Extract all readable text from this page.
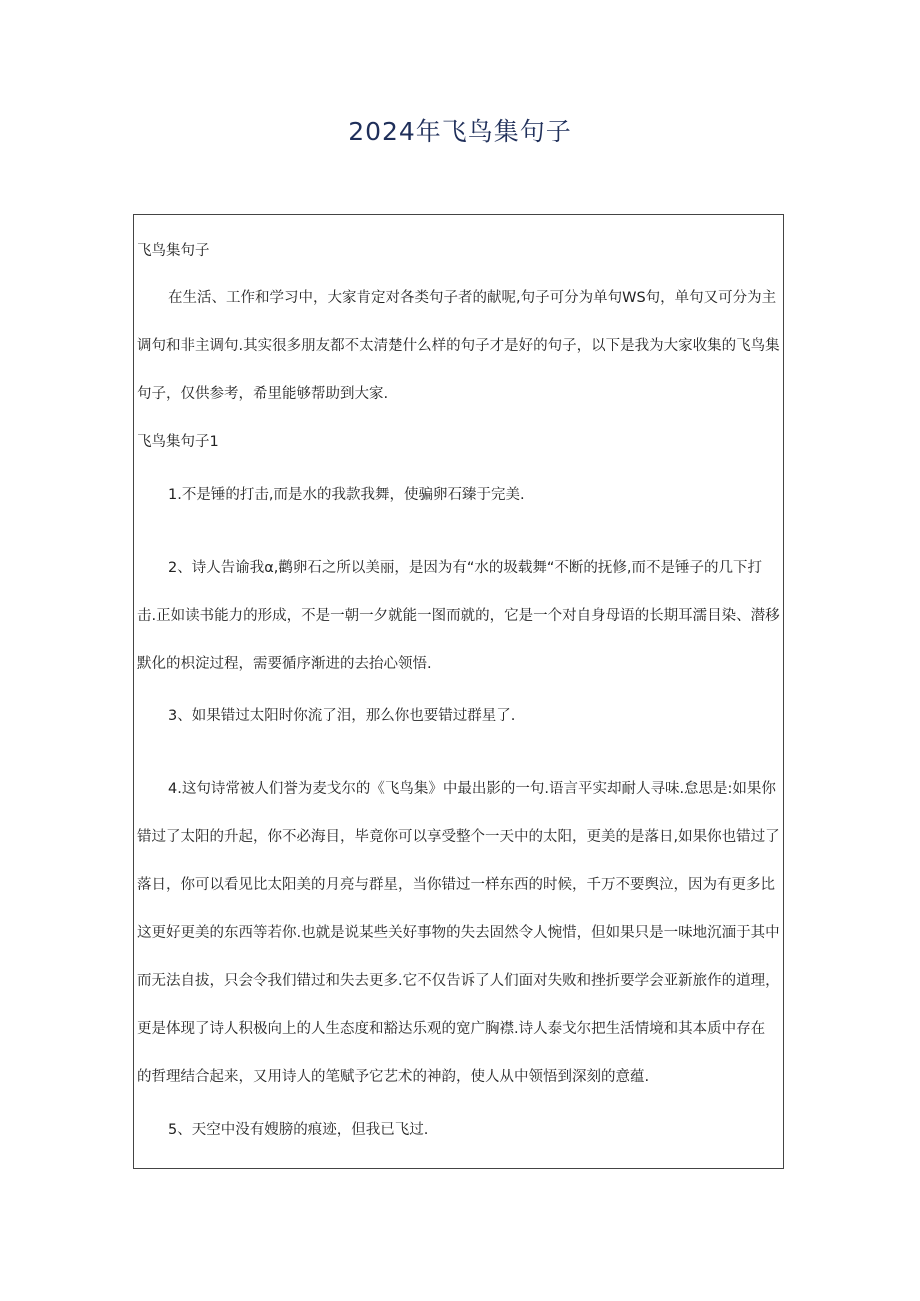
2024年飞鸟集句子
飞鸟集句子
在生活、工作和学习中，大家肯定对各类句子者的献呢,句子可分为单句WS句，单句又可分为主
调句和非主调句.其实很多朋友都不太清楚什么样的句子才是好的句子，以下是我为大家收集的飞鸟集
句子，仅供参考，希里能够帮助到大家.
飞鸟集句子1
1.不是锤的打击,而是水的我款我舞，使骗卵石臻于完美.
2、诗人告谕我α,鹳卵石之所以美丽，是因为有“水的圾载舞“不断的抚修,而不是锤子的几下打
击.正如读书能力的形成，不是一朝一夕就能一图而就的，它是一个对自身母语的长期耳濡目染、潜移
默化的枳淀过程，需要循序渐进的去抬心领悟.
3、如果错过太阳时你流了泪，那么你也要错过群星了.
4.这句诗常被人们誉为麦戈尔的《飞鸟集》中最出影的一句.语言平实却耐人寻味.怠思是:如果你
错过了太阳的升起，你不必海目，毕竟你可以享受整个一天中的太阳，更美的是落日,如果你也错过了
落日，你可以看见比太阳美的月亮与群星，当你错过一样东西的时候，千万不要舆泣，因为有更多比
这更好更美的东西等若你.也就是说某些关好事物的失去固然令人惋惜，但如果只是一味地沉湎于其中
而无法自拔，只会令我们错过和失去更多.它不仅告诉了人们面对失败和挫折要学会亚新旅作的道理，
更是体现了诗人积极向上的人生态度和豁达乐观的宽广胸襟.诗人泰戈尔把生活情境和其本质中存在
的哲理结合起来，又用诗人的笔赋予它艺术的神韵，使人从中领悟到深刻的意蕴.
5、天空中没有嫂膀的痕迹，但我已飞过.
